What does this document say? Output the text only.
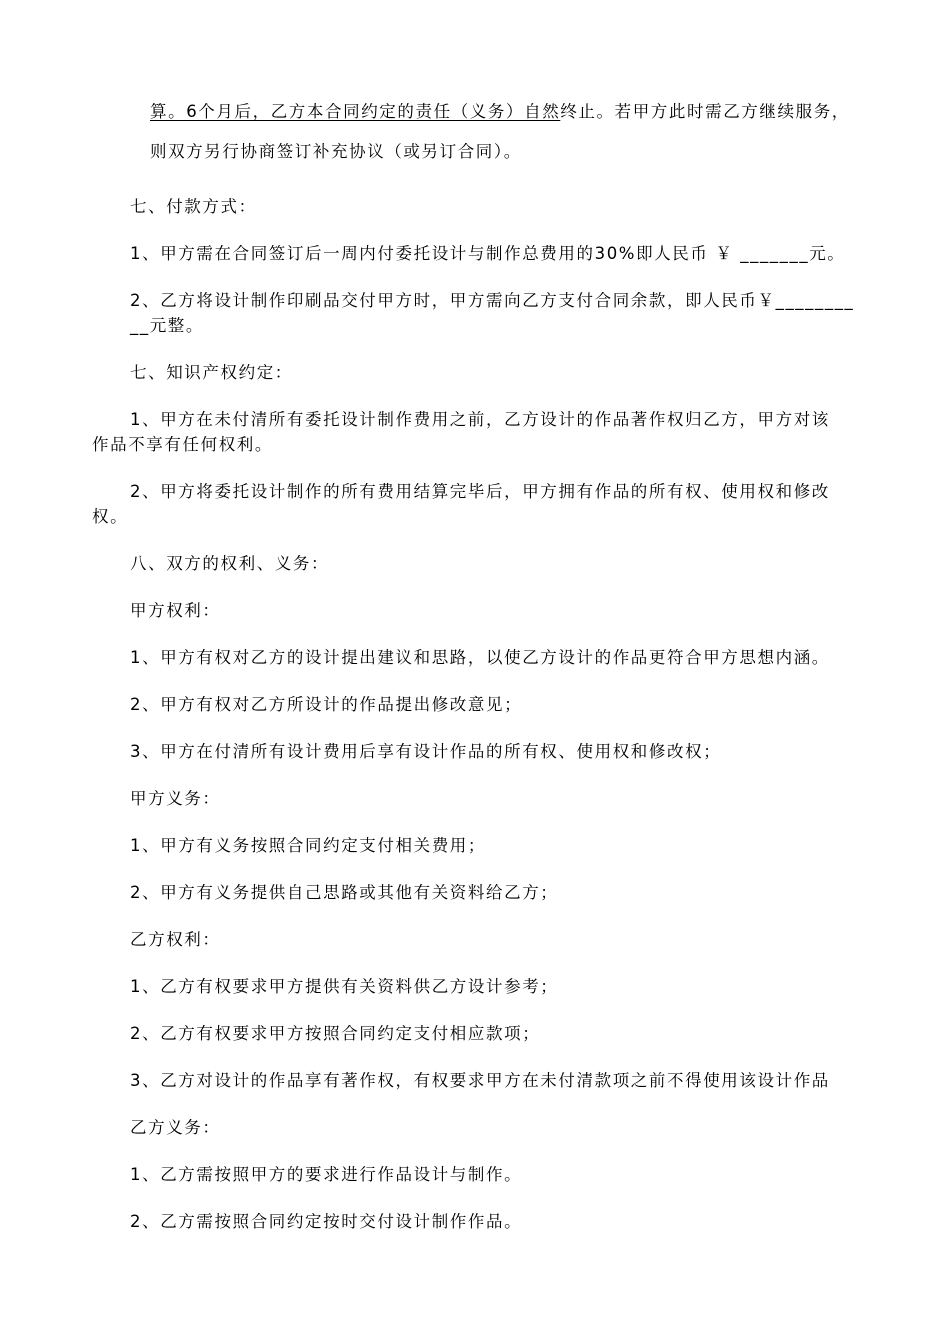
算。6个月后，乙方本合同约定的责任（义务）自然终止。若甲方此时需乙方继续服务，
则双方另行协商签订补充协议（或另订合同）。
七、付款方式：
1、甲方需在合同签订后一周内付委托设计与制作总费用的30%即人民币 ￥ _______元。
2、乙方将设计制作印刷品交付甲方时，甲方需向乙方支付合同余款，即人民币￥________
__元整。
七、知识产权约定：
1、甲方在未付清所有委托设计制作费用之前，乙方设计的作品著作权归乙方，甲方对该
作品不享有任何权利。
2、甲方将委托设计制作的所有费用结算完毕后，甲方拥有作品的所有权、使用权和修改
权。
八、双方的权利、义务：
甲方权利：
1、甲方有权对乙方的设计提出建议和思路，以使乙方设计的作品更符合甲方思想内涵。
2、甲方有权对乙方所设计的作品提出修改意见；
3、甲方在付清所有设计费用后享有设计作品的所有权、使用权和修改权；
甲方义务：
1、甲方有义务按照合同约定支付相关费用；
2、甲方有义务提供自己思路或其他有关资料给乙方；
乙方权利：
1、乙方有权要求甲方提供有关资料供乙方设计参考；
2、乙方有权要求甲方按照合同约定支付相应款项；
3、乙方对设计的作品享有著作权，有权要求甲方在未付清款项之前不得使用该设计作品
乙方义务：
1、乙方需按照甲方的要求进行作品设计与制作。
2、乙方需按照合同约定按时交付设计制作作品。
